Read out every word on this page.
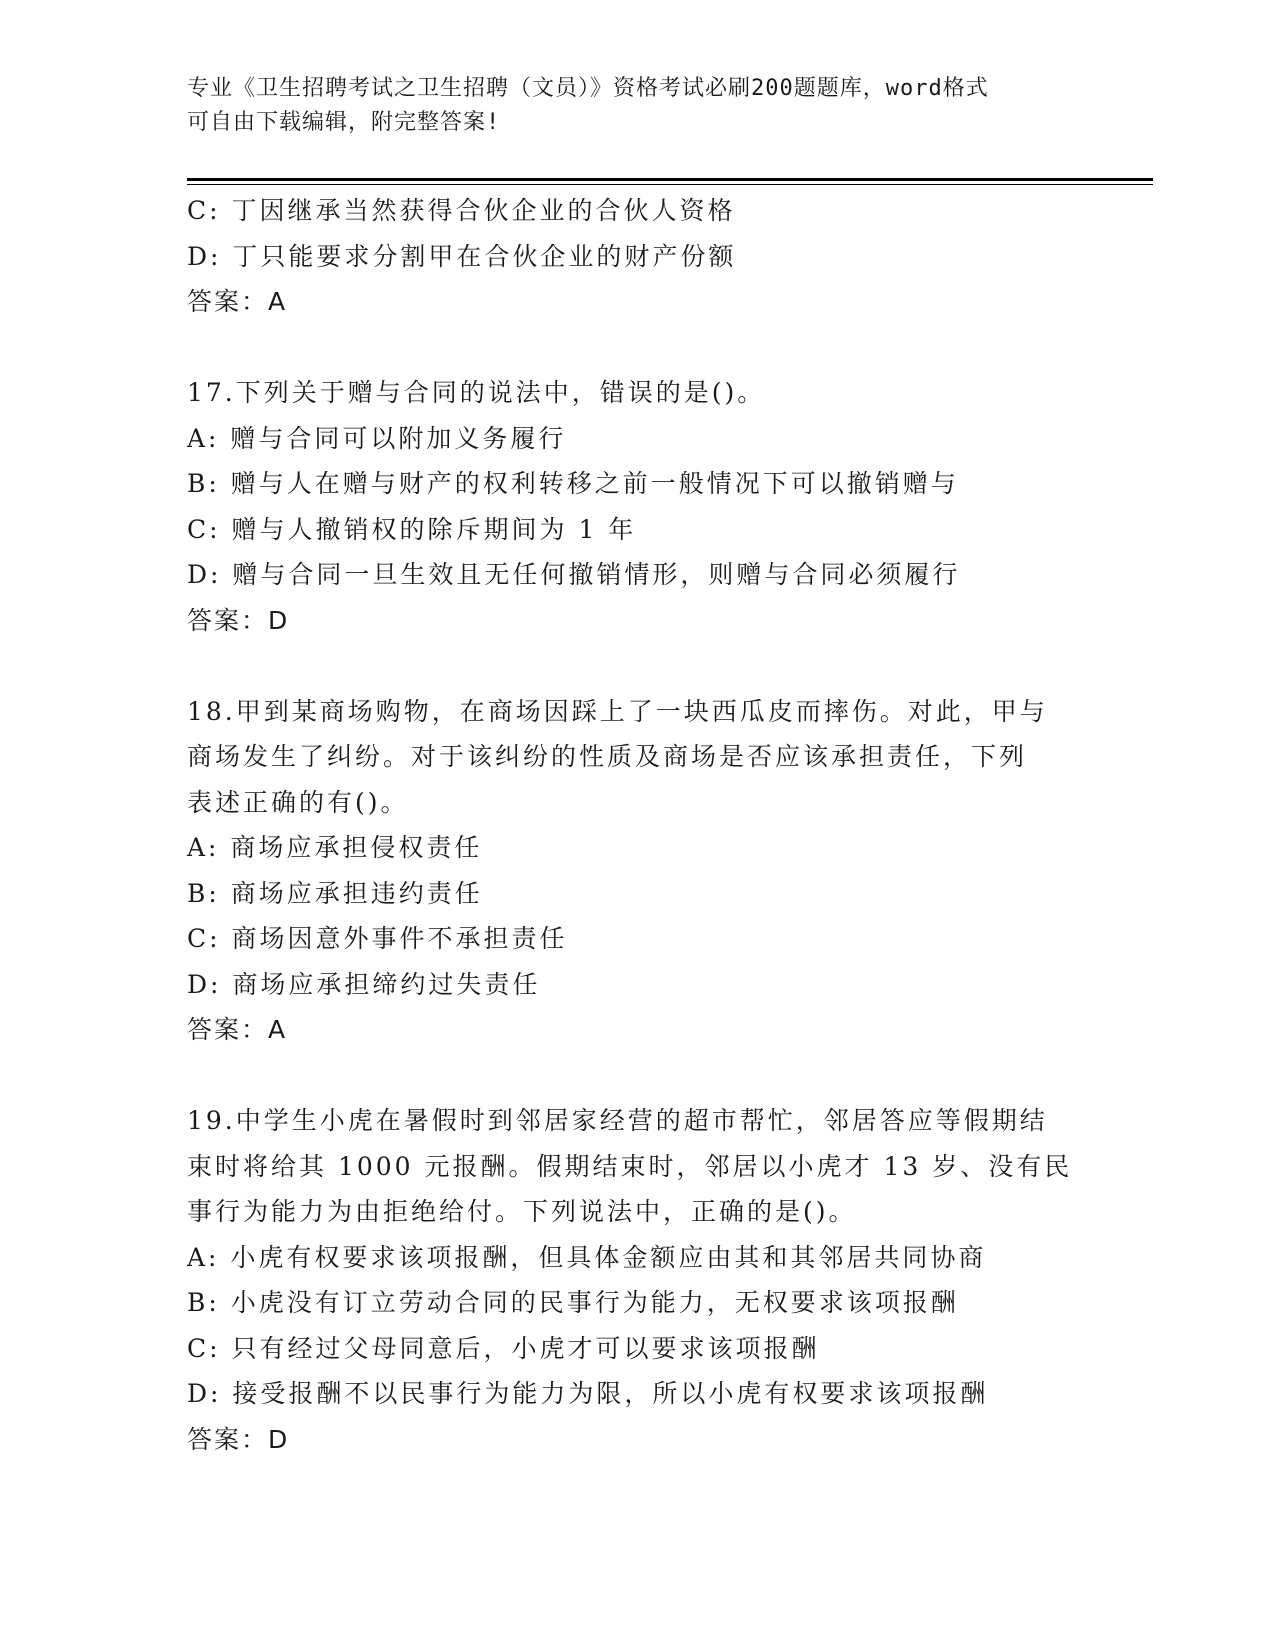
专业《卫生招聘考试之卫生招聘（文员）》资格考试必刷200题题库，word格式
可自由下载编辑，附完整答案!
C: 丁因继承当然获得合伙企业的合伙人资格
D: 丁只能要求分割甲在合伙企业的财产份额
答案：A
17.下列关于赠与合同的说法中，错误的是()。
A: 赠与合同可以附加义务履行
B: 赠与人在赠与财产的权利转移之前一般情况下可以撤销赠与
C: 赠与人撤销权的除斥期间为 1 年
D: 赠与合同一旦生效且无任何撤销情形，则赠与合同必须履行
答案：D
18.甲到某商场购物，在商场因踩上了一块西瓜皮而摔伤。对此，甲与
商场发生了纠纷。对于该纠纷的性质及商场是否应该承担责任，下列
表述正确的有()。
A: 商场应承担侵权责任
B: 商场应承担违约责任
C: 商场因意外事件不承担责任
D: 商场应承担缔约过失责任
答案：A
19.中学生小虎在暑假时到邻居家经营的超市帮忙，邻居答应等假期结
束时将给其 1000 元报酬。假期结束时，邻居以小虎才 13 岁、没有民
事行为能力为由拒绝给付。下列说法中，正确的是()。
A: 小虎有权要求该项报酬，但具体金额应由其和其邻居共同协商
B: 小虎没有订立劳动合同的民事行为能力，无权要求该项报酬
C: 只有经过父母同意后，小虎才可以要求该项报酬
D: 接受报酬不以民事行为能力为限，所以小虎有权要求该项报酬
答案：D
